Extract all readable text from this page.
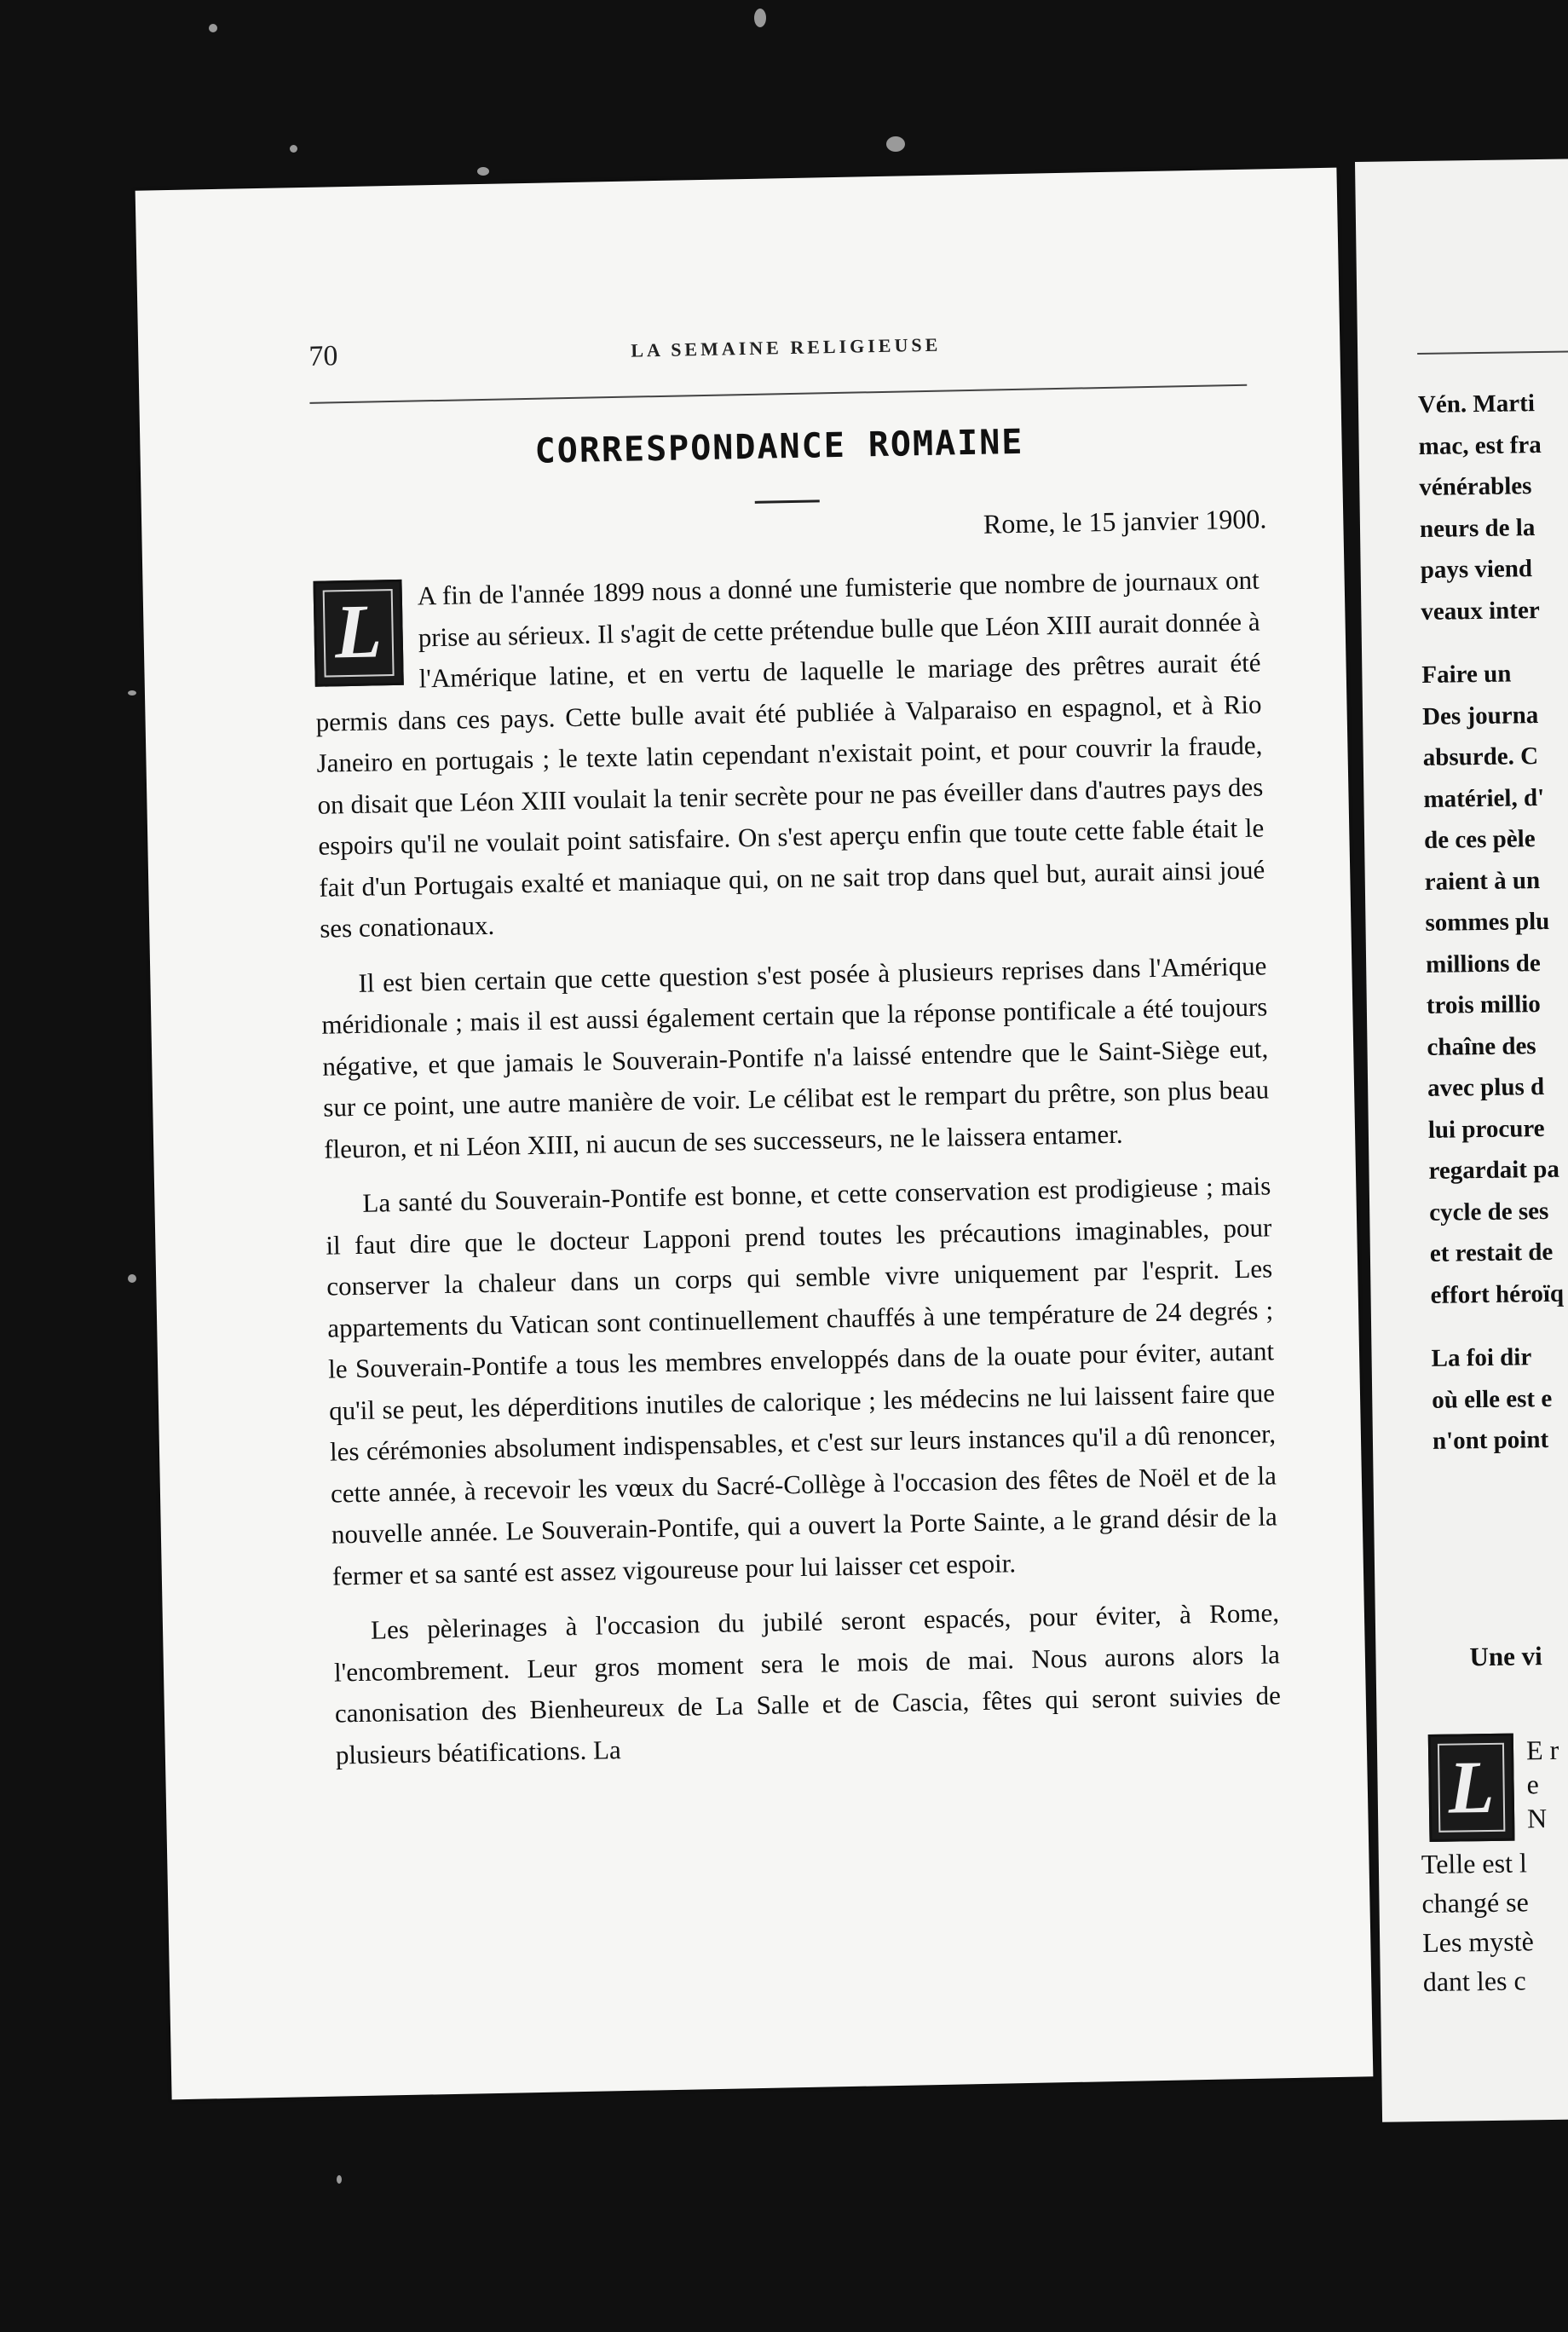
70	LA SEMAINE RELIGIEUSE
CORRESPONDANCE ROMAINE
Rome, le 15 janvier 1900.

L
A fin de l'année 1899 nous a donné une fumisterie que nombre de journaux ont prise au sérieux. Il s'agit de cette prétendue bulle que Léon XIII aurait donnée à l'Amérique latine, et en vertu de laquelle le mariage des prêtres aurait été permis dans ces pays. Cette bulle avait été publiée à Valparaiso en espagnol, et à Rio Janeiro en portugais ; le texte latin cependant n'existait point, et pour couvrir la fraude, on disait que Léon XIII voulait la tenir secrète pour ne pas éveiller dans d'autres pays des espoirs qu'il ne voulait point satisfaire. On s'est aperçu enfin que toute cette fable était le fait d'un Portugais exalté et maniaque qui, on ne sait trop dans quel but, aurait ainsi joué ses conationaux.

Il est bien certain que cette question s'est posée à plusieurs reprises dans l'Amérique méridionale ; mais il est aussi également certain que la réponse pontificale a été toujours négative, et que jamais le Souverain-Pontife n'a laissé entendre que le Saint-Siège eut, sur ce point, une autre manière de voir. Le célibat est le rempart du prêtre, son plus beau fleuron, et ni Léon XIII, ni aucun de ses successeurs, ne le laissera entamer.

La santé du Souverain-Pontife est bonne, et cette conservation est prodigieuse ; mais il faut dire que le docteur Lapponi prend toutes les précautions imaginables, pour conserver la chaleur dans un corps qui semble vivre uniquement par l'esprit. Les appartements du Vatican sont continuellement chauffés à une température de 24 degrés ; le Souverain-Pontife a tous les membres enveloppés dans de la ouate pour éviter, autant qu'il se peut, les déperditions inutiles de calorique ; les médecins ne lui laissent faire que les cérémonies absolument indispensables, et c'est sur leurs instances qu'il a dû renoncer, cette année, à recevoir les vœux du Sacré-Collège à l'occasion des fêtes de Noël et de la nouvelle année. Le Souverain-Pontife, qui a ouvert la Porte Sainte, a le grand désir de la fermer et sa santé est assez vigoureuse pour lui laisser cet espoir.

Les pèlerinages à l'occasion du jubilé seront espacés, pour éviter, à Rome, l'encombrement. Leur gros moment sera le mois de mai. Nous aurons alors la canonisation des Bienheureux de La Salle et de Cascia, fêtes qui seront suivies de plusieurs béatifications. La

Vén. Marti
mac, est fra
vénérables
neurs de la
pays viend
veaux inter
Faire un
Des journa
absurde. C
matériel, d'
de ces pèle
raient à un
sommes plu
millions de
trois millio
chaîne des
avec plus d
lui procure
regardait pa
cycle de ses
et restait de
effort héroïq
La foi dir
où elle est e
n'ont point
Une vi
L	E r
e
N
Telle est l
changé se
Les mystè
dant les c
